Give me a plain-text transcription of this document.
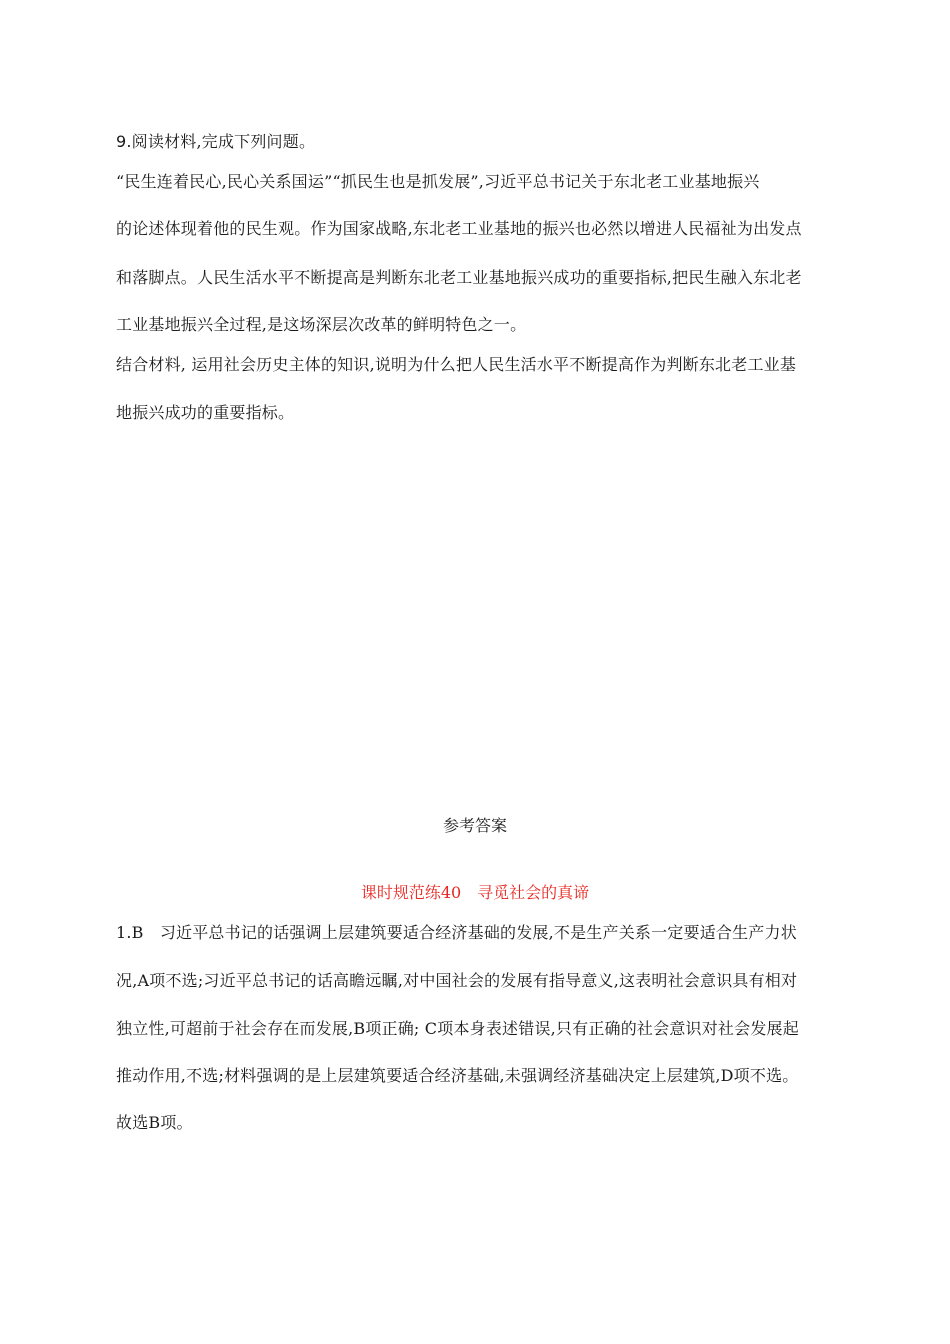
9.阅读材料,完成下列问题。
“民生连着民心,民心关系国运”“抓民生也是抓发展”,习近平总书记关于东北老工业基地振兴
的论述体现着他的民生观。作为国家战略,东北老工业基地的振兴也必然以增进人民福祉为出发点
和落脚点。人民生活水平不断提高是判断东北老工业基地振兴成功的重要指标,把民生融入东北老
工业基地振兴全过程,是这场深层次改革的鲜明特色之一。
结合材料, 运用社会历史主体的知识,说明为什么把人民生活水平不断提高作为判断东北老工业基
地振兴成功的重要指标。
参考答案
课时规范练40　寻觅社会的真谛
1.B　习近平总书记的话强调上层建筑要适合经济基础的发展,不是生产关系一定要适合生产力状
况,A项不选;习近平总书记的话高瞻远瞩,对中国社会的发展有指导意义,这表明社会意识具有相对
独立性,可超前于社会存在而发展,B项正确; C项本身表述错误,只有正确的社会意识对社会发展起
推动作用,不选;材料强调的是上层建筑要适合经济基础,未强调经济基础决定上层建筑,D项不选。
故选B项。
